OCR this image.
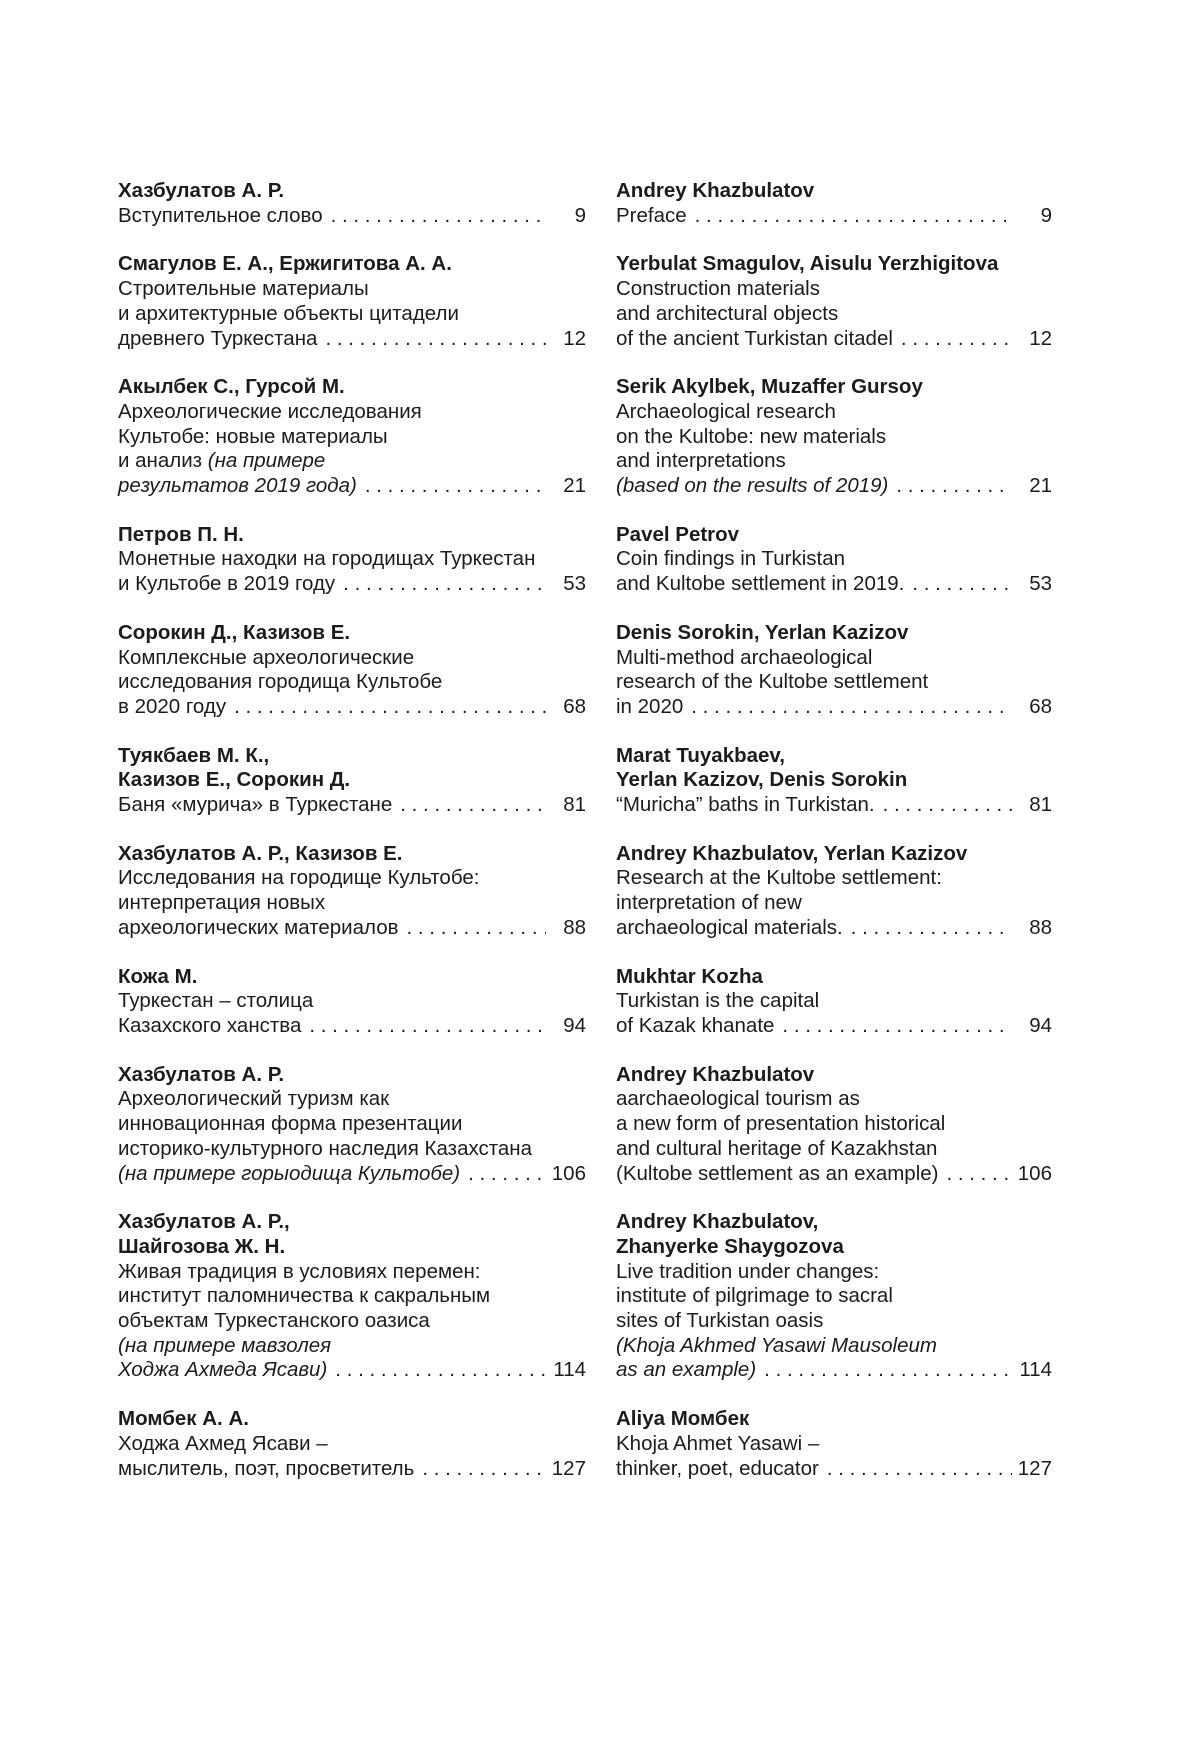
Хазбулатов А. Р.
Вступительное слово . . .	9
Смагулов Е. А., Ержигитова А. А.
Строительные материалы
и архитектурные объекты цитадели
древнего Туркестана . . .	12
Акылбек С., Гурсой М.
Археологические исследования
Культобе: новые материалы
и анализ (на примере
результатов 2019 года) . . .	21
Петров П. Н.
Монетные находки на городищах Туркестан
и Культобе в 2019 году . . .	53
Сорокин Д., Казизов Е.
Комплексные археологические
исследования городища Культобе
в 2020 году . . .	68
Туякбаев М. К.,
Казизов Е., Сорокин Д.
Баня «мурича» в Туркестане . . .	81
Хазбулатов А. Р., Казизов Е.
Исследования на городище Культобе:
интерпретация новых
археологических материалов . . .	88
Кожа М.
Туркестан – столица
Казахского ханства . . .	94
Хазбулатов А. Р.
Археологический туризм как
инновационная форма презентации
историко-культурного наследия Казахстана
(на примере горыодища Культобе) . . .	106
Хазбулатов А. Р.,
Шайгозова Ж. Н.
Живая традиция в условиях перемен:
институт паломничества к сакральным
объектам Туркестанского оазиса
(на примере мавзолея
Ходжа Ахмеда Ясави) . . .	114
Момбек А. А.
Ходжа Ахмед Ясави –
мыслитель, поэт, просветитель . . .	127
Andrey Khazbulatov
Preface . . .	9
Yerbulat Smagulov, Aisulu Yerzhigitova
Construction materials
and architectural objects
of the ancient Turkistan citadel . . .	12
Serik Akylbek, Muzaffer Gursoy
Archaeological research
on the Kultobe: new materials
and interpretations
(based on the results of 2019) . . .	21
Pavel Petrov
Coin findings in Turkistan
and Kultobe settlement in 2019. . . .	53
Denis Sorokin, Yerlan Kazizov
Multi-method archaeological
research of the Kultobe settlement
in 2020 . . .	68
Marat Tuyakbaev,
Yerlan Kazizov, Denis Sorokin
“Muricha” baths in Turkistan. . . .	81
Andrey Khazbulatov, Yerlan Kazizov
Research at the Kultobe settlement:
interpretation of new
archaeological materials. . . .	88
Mukhtar Kozha
Turkistan is the capital
of Kazak khanate . . .	94
Andrey Khazbulatov
aarchaeological tourism as
a new form of presentation historical
and cultural heritage of Kazakhstan
(Kultobe settlement as an example) . . .	106
Andrey Khazbulatov,
Zhanyerke Shaygozova
Live tradition under changes:
institute of pilgrimage to sacral
sites of Turkistan oasis
(Khoja Akhmed Yasawi Mausoleum
as an example) . . .	114
Aliya Момбек
Khoja Ahmet Yasawi –
thinker, poet, educator . . .	127
